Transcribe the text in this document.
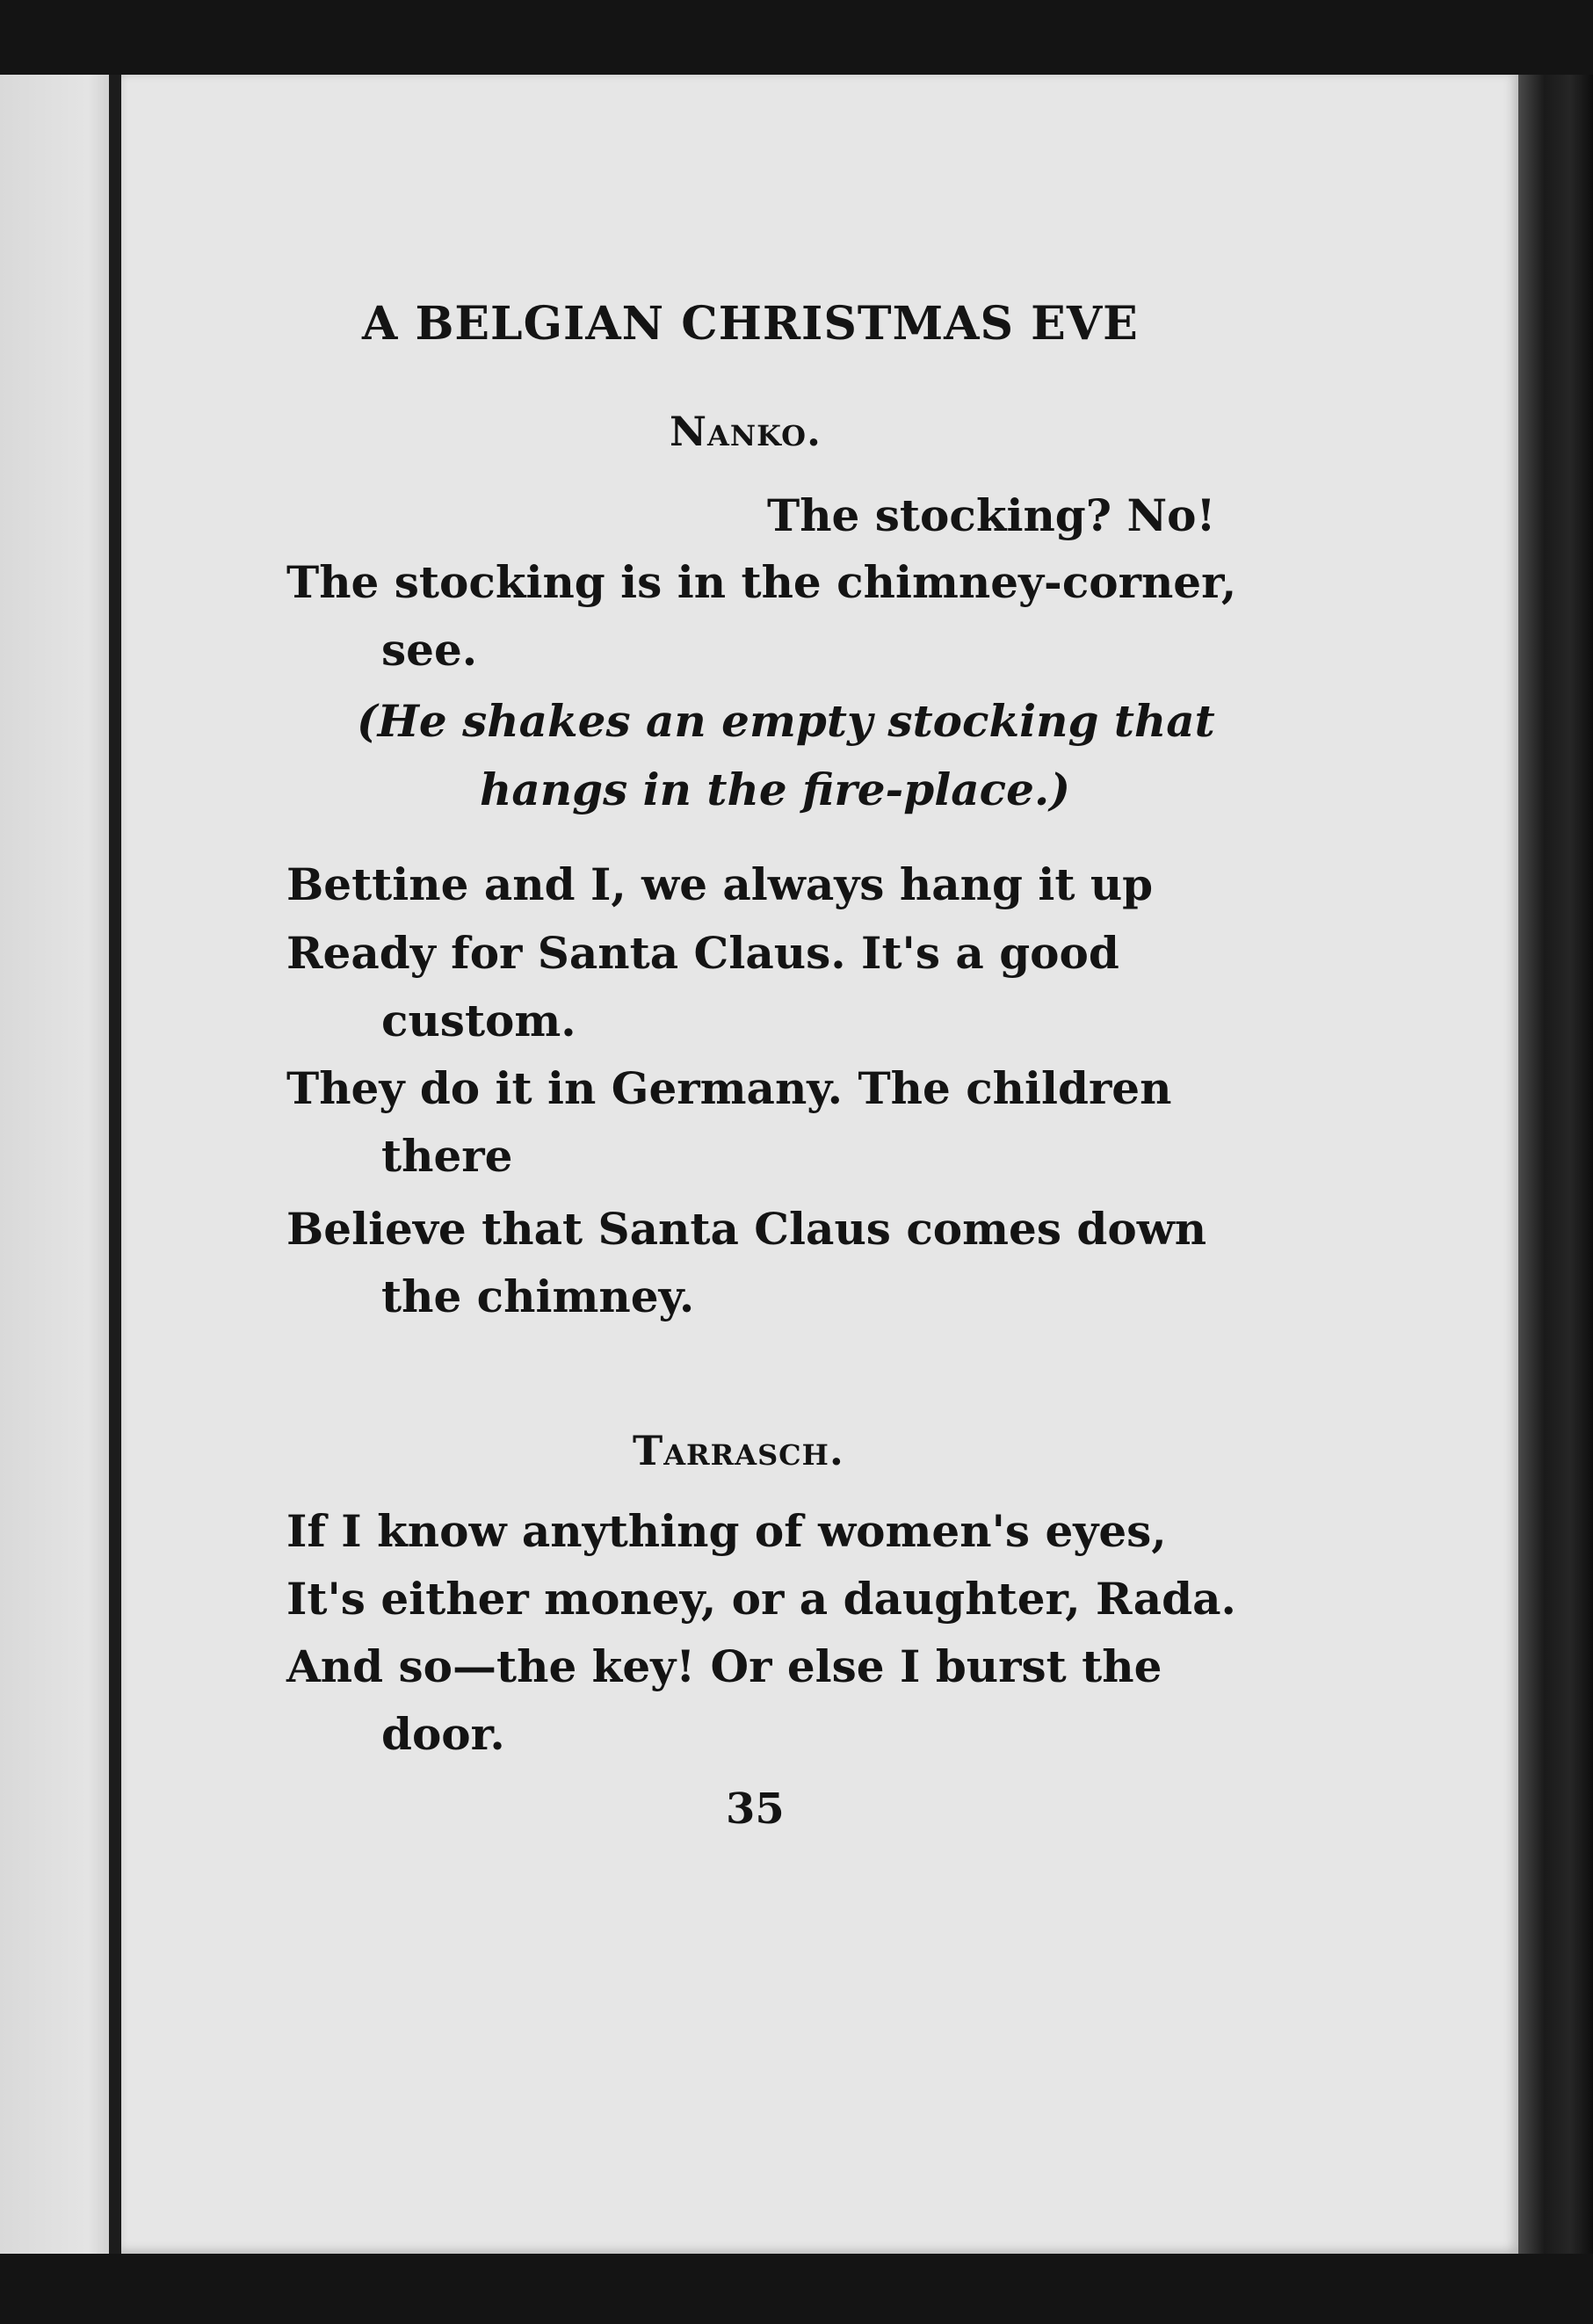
A BELGIAN CHRISTMAS EVE
Nanko.
The stocking? No!
The stocking is in the chimney-corner,
see.
(He shakes an empty stocking that
hangs in the fire-place.)
Bettine and I, we always hang it up
Ready for Santa Claus. It's a good
custom.
They do it in Germany. The children
there
Believe that Santa Claus comes down
the chimney.
Tarrasch.
If I know anything of women's eyes,
It's either money, or a daughter, Rada.
And so—the key! Or else I burst the
door.
35
